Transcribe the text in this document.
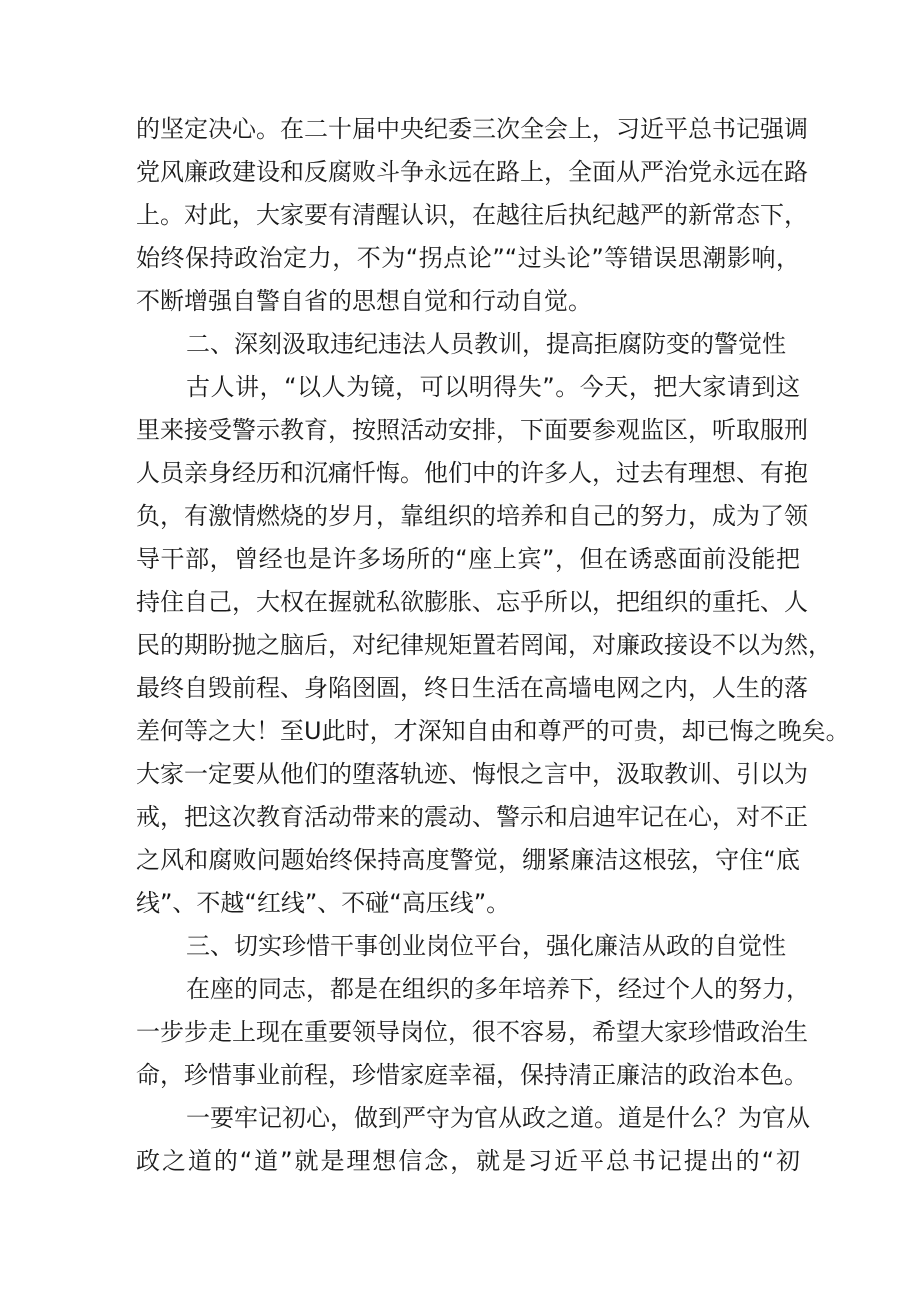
的坚定决心。在二十届中央纪委三次全会上，习近平总书记强调
党风廉政建设和反腐败斗争永远在路上，全面从严治党永远在路
上。对此，大家要有清醒认识，在越往后执纪越严的新常态下，
始终保持政治定力，不为“拐点论”“过头论”等错误思潮影响，
不断增强自警自省的思想自觉和行动自觉。
二、深刻汲取违纪违法人员教训，提高拒腐防变的警觉性
古人讲，“以人为镜，可以明得失”。今天，把大家请到这
里来接受警示教育，按照活动安排，下面要参观监区，听取服刑
人员亲身经历和沉痛忏悔。他们中的许多人，过去有理想、有抱
负，有激情燃烧的岁月，靠组织的培养和自己的努力，成为了领
导干部，曾经也是许多场所的“座上宾”，但在诱惑面前没能把
持住自己，大权在握就私欲膨胀、忘乎所以，把组织的重托、人
民的期盼抛之脑后，对纪律规矩置若罔闻，对廉政接设不以为然，
最终自毁前程、身陷囹圄，终日生活在高墙电网之内，人生的落
差何等之大！至U此时，才深知自由和尊严的可贵，却已悔之晚矣。
大家一定要从他们的堕落轨迹、悔恨之言中，汲取教训、引以为
戒，把这次教育活动带来的震动、警示和启迪牢记在心，对不正
之风和腐败问题始终保持高度警觉，绷紧廉洁这根弦，守住“底
线”、不越“红线”、不碰“高压线”。
三、切实珍惜干事创业岗位平台，强化廉洁从政的自觉性
在座的同志，都是在组织的多年培养下，经过个人的努力，
一步步走上现在重要领导岗位，很不容易，希望大家珍惜政治生
命，珍惜事业前程，珍惜家庭幸福，保持清正廉洁的政治本色。
一要牢记初心，做到严守为官从政之道。道是什么？为官从
政之道的“道”就是理想信念，就是习近平总书记提出的“初
